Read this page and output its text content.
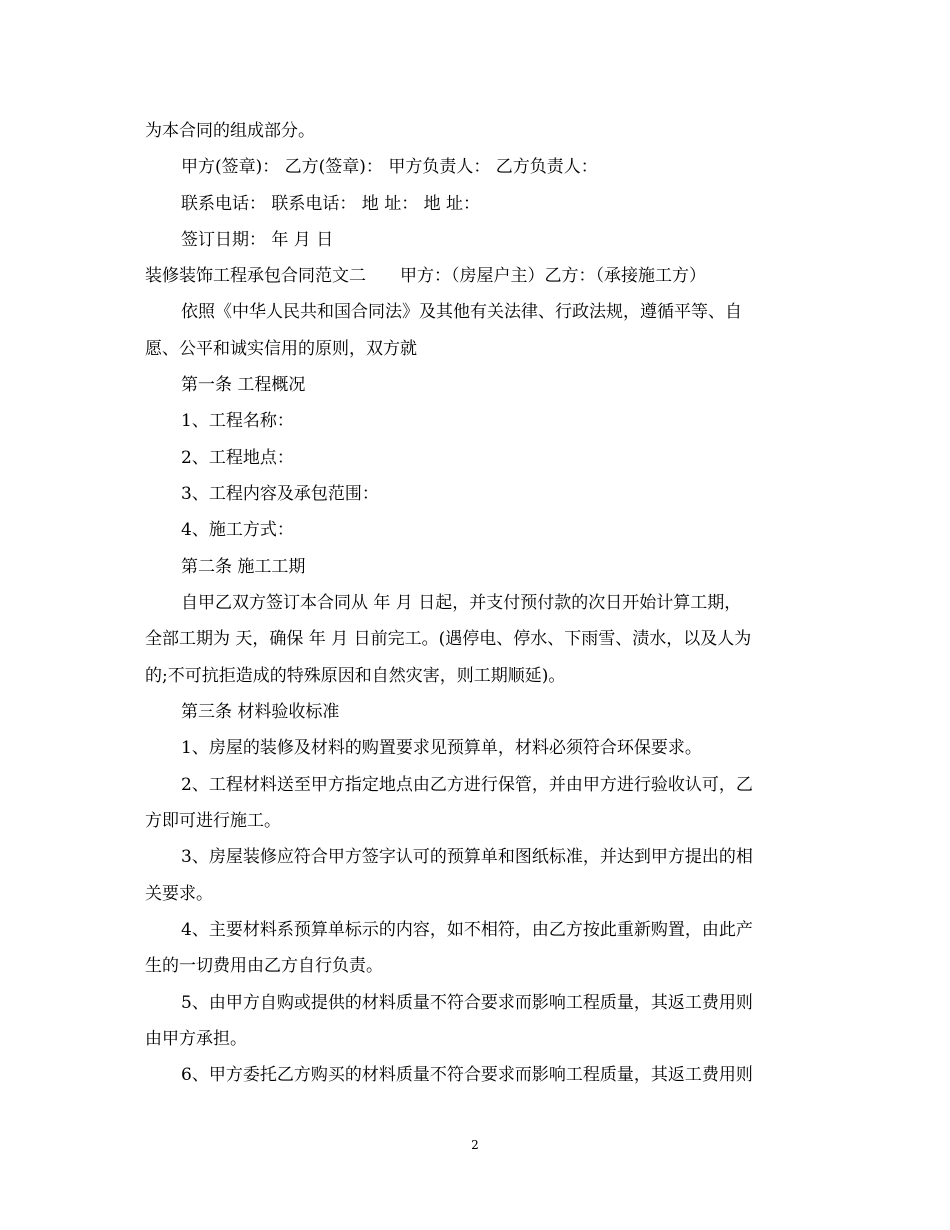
为本合同的组成部分。
甲方(签章)： 乙方(签章)： 甲方负责人： 乙方负责人：
联系电话： 联系电话： 地 址： 地 址：
签订日期： 年 月 日
装修装饰工程承包合同范文二　　甲方：（房屋户主）乙方：（承接施工方）
依照《中华人民共和国合同法》及其他有关法律、行政法规，遵循平等、自
愿、公平和诚实信用的原则，双方就
第一条 工程概况
1、工程名称：
2、工程地点：
3、工程内容及承包范围：
4、施工方式：
第二条 施工工期
自甲乙双方签订本合同从 年 月 日起，并支付预付款的次日开始计算工期，
全部工期为 天，确保 年 月 日前完工。(遇停电、停水、下雨雪、渍水，以及人为
的;不可抗拒造成的特殊原因和自然灾害，则工期顺延)。
第三条 材料验收标准
1、房屋的装修及材料的购置要求见预算单，材料必须符合环保要求。
2、工程材料送至甲方指定地点由乙方进行保管，并由甲方进行验收认可，乙
方即可进行施工。
3、房屋装修应符合甲方签字认可的预算单和图纸标准，并达到甲方提出的相
关要求。
4、主要材料系预算单标示的内容，如不相符，由乙方按此重新购置，由此产
生的一切费用由乙方自行负责。
5、由甲方自购或提供的材料质量不符合要求而影响工程质量，其返工费用则
由甲方承担。
6、甲方委托乙方购买的材料质量不符合要求而影响工程质量，其返工费用则
2
